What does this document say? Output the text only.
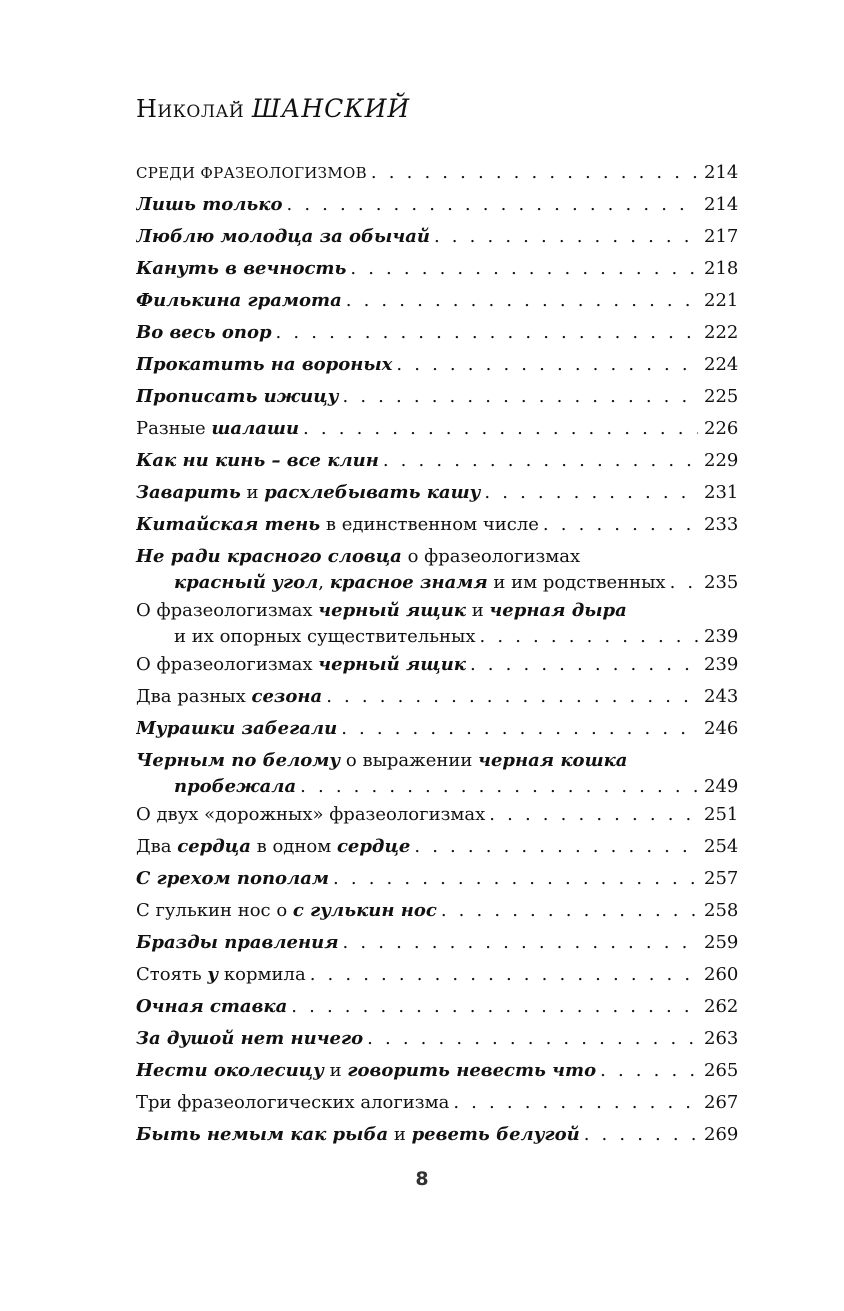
Николай ШАНСКИЙ
СРЕДИ ФРАЗЕОЛОГИЗМОВ . . .	214
Лишь только . . .	214
Люблю молодца за обычай . . .	217
Кануть в вечность . . .	218
Филькина грамота . . .	221
Во весь опор . . .	222
Прокатить на вороных . . .	224
Прописать ижицу . . .	225
Разные шалаши . . .	226
Как ни кинь – все клин . . .	229
Заварить и расхлебывать кашу . . .	231
Китайская тень в единственном числе . . .	233
Не ради красного словца о фразеологизмах
красный угол, красное знамя и им родственных . . . 235
О фразеологизмах черный ящик и черная дыра
и их опорных существительных . . .	239
О фразеологизмах черный ящик . . .	239
Два разных сезона . . .	243
Мурашки забегали . . .	246
Черным по белому о выражении черная кошка
пробежала . . .	249
О двух «дорожных» фразеологизмах . . .	251
Два сердца в одном сердце . . .	254
С грехом пополам . . .	257
С гулькин нос о с гулькин нос . . .	258
Бразды правления . . .	259
Стоять у кормила . . .	260
Очная ставка . . .	262
За душой нет ничего . . .	263
Нести околесицу и говорить невесть что . . .	265
Три фразеологических алогизма . . .	267
Быть немым как рыба и реветь белугой . . .	269
8
